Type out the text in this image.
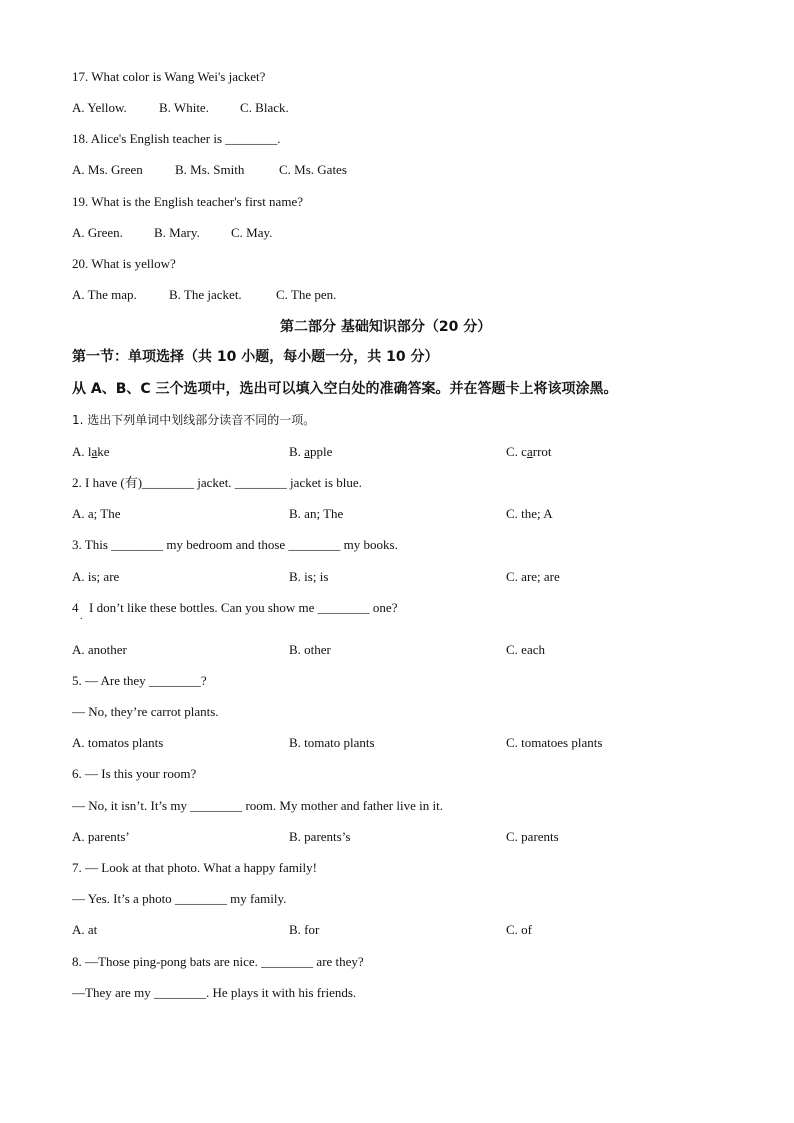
17. What color is Wang Wei's jacket?
A. Yellow. B. White. C. Black.
18. Alice's English teacher is ________.
A. Ms. Green B. Ms. Smith	C. Ms. Gates
19. What is the English teacher's first name?
A. Green. B. Mary. C. May.
20. What is yellow?
A. The map. B. The jacket.	C. The pen.
第二部分 基础知识部分（20 分）
第一节：单项选择（共 10 小题，每小题一分，共 10 分）
从 A、B、C 三个选项中，选出可以填入空白处的准确答案。并在答题卡上将该项涂黑。
1. 选出下列单词中划线部分读音不同的一项。
A. lake	B. apple	C. carrot
2. I have (有)________ jacket. ________ jacket is blue.
A. a; The	B. an; The	C. the; A
3. This ________ my bedroom and those ________ my books.
A. is; are	B. is; is	C. are; are
4
.
I don’t like these bottles. Can you show me ________ one?
A. another	B. other	C. each
5. — Are they ________?
— No, they’re carrot plants.
A. tomatos plants	B. tomato plants	C. tomatoes plants
6. — Is this your room?
— No, it isn’t. It’s my ________ room. My mother and father live in it.
A. parents’	B. parents’s	C. parents
7. — Look at that photo. What a happy family!
— Yes. It’s a photo ________ my family.
A. at	B. for	C. of
8. —Those ping-pong bats are nice. ________ are they?
—They are my ________. He plays it with his friends.
